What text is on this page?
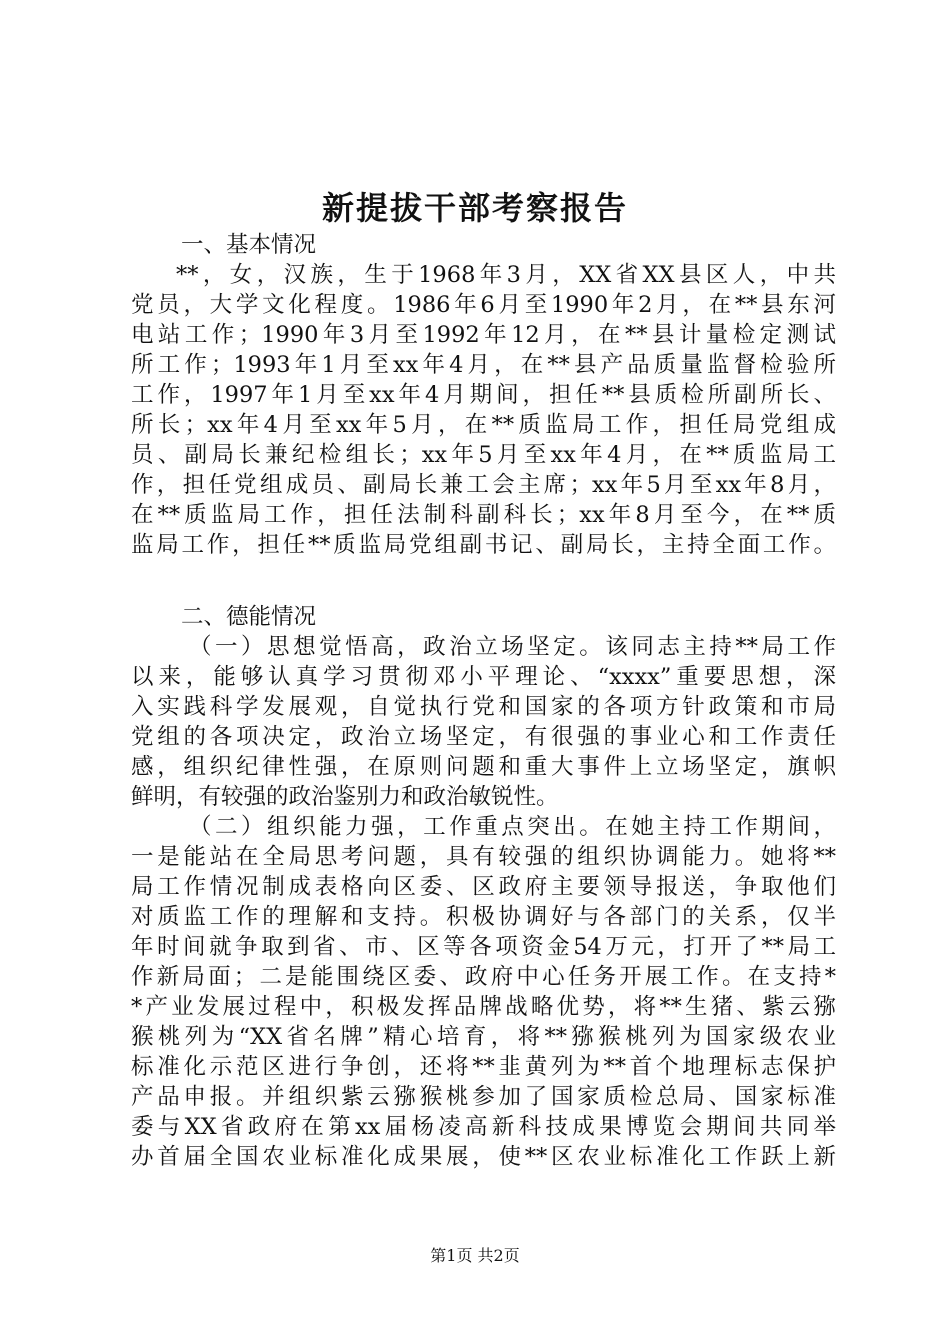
新提拔干部考察报告
一、基本情况
**，女，汉族，生于1968年3月，XX省XX县区人，中共
党员，大学文化程度。1986年6月至1990年2月，在**县东河
电站工作；1990年3月至1992年12月，在**县计量检定测试
所工作；1993年1月至xx年4月，在**县产品质量监督检验所
工作，1997年1月至xx年4月期间，担任**县质检所副所长、
所长；xx年4月至xx年5月，在**质监局工作，担任局党组成
员、副局长兼纪检组长；xx年5月至xx年4月，在**质监局工
作，担任党组成员、副局长兼工会主席；xx年5月至xx年8月，
在**质监局工作，担任法制科副科长；xx年8月至今，在**质
监局工作，担任**质监局党组副书记、副局长，主持全面工作。
二、德能情况
（一）思想觉悟高，政治立场坚定。该同志主持**局工作
以来，能够认真学习贯彻邓小平理论、“xxxx”重要思想，深
入实践科学发展观，自觉执行党和国家的各项方针政策和市局
党组的各项决定，政治立场坚定，有很强的事业心和工作责任
感，组织纪律性强，在原则问题和重大事件上立场坚定，旗帜
鲜明，有较强的政治鉴别力和政治敏锐性。
（二）组织能力强，工作重点突出。在她主持工作期间，
一是能站在全局思考问题，具有较强的组织协调能力。她将**
局工作情况制成表格向区委、区政府主要领导报送，争取他们
对质监工作的理解和支持。积极协调好与各部门的关系，仅半
年时间就争取到省、市、区等各项资金54万元，打开了**局工
作新局面；二是能围绕区委、政府中心任务开展工作。在支持*
*产业发展过程中，积极发挥品牌战略优势，将**生猪、紫云猕
猴桃列为“XX省名牌”精心培育，将**猕猴桃列为国家级农业
标准化示范区进行争创，还将**韭黄列为**首个地理标志保护
产品申报。并组织紫云猕猴桃参加了国家质检总局、国家标准
委与XX省政府在第xx届杨凌高新科技成果博览会期间共同举
办首届全国农业标准化成果展，使**区农业标准化工作跃上新
第1页 共2页
